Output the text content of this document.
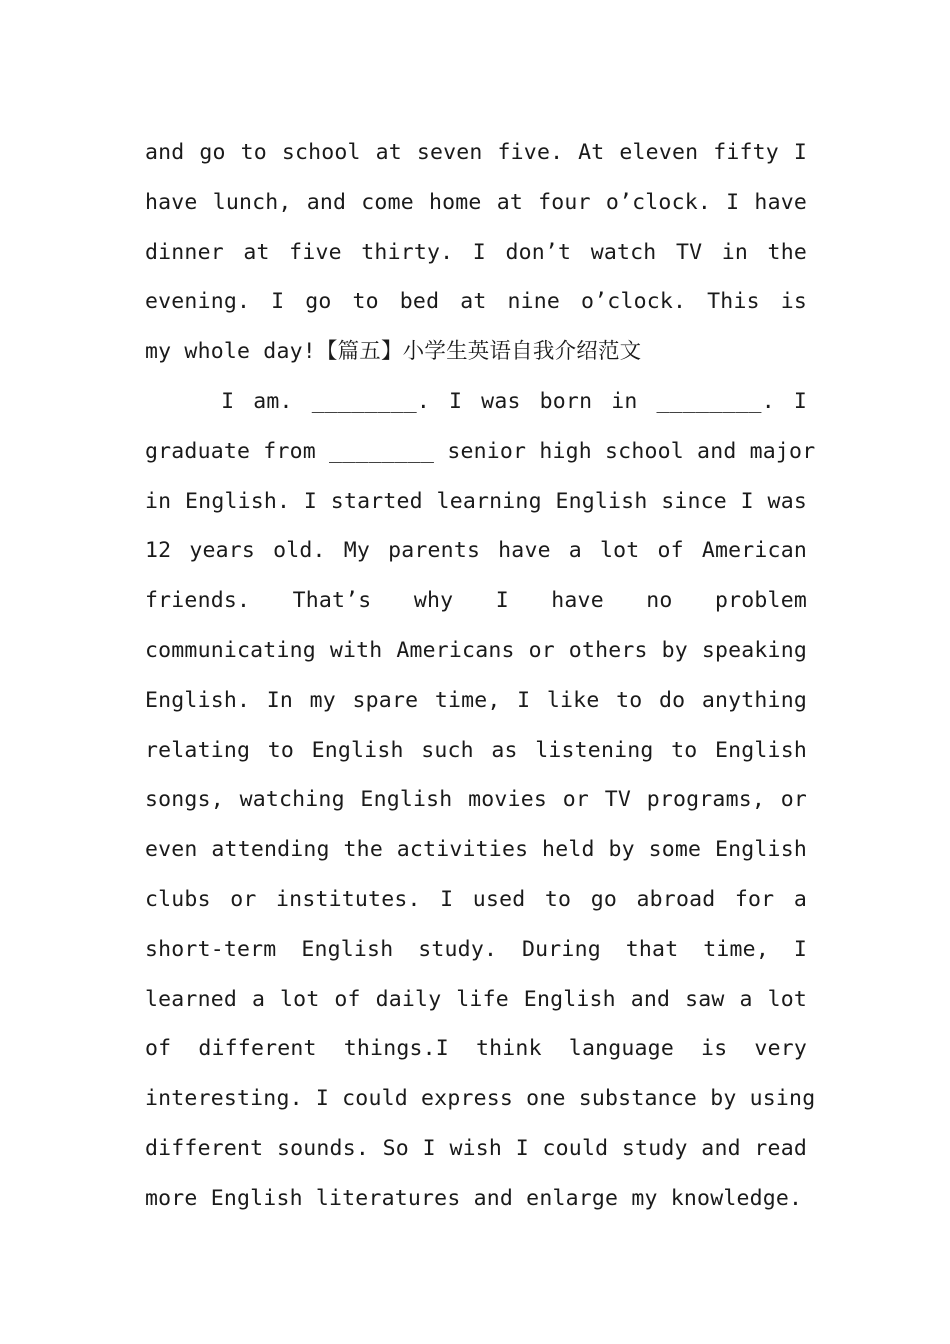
and go to school at seven five. At eleven fifty I
have lunch, and come home at four o’clock. I have
dinner at five thirty. I don’t watch TV in the
evening. I go to bed at nine o’clock. This is
my whole day!【篇五】小学生英语自我介绍范文

I am. ________. I was born in ________. I
graduate from ________ senior high school and major
in English. I started learning English since I was
12 years old. My parents have a lot of American
friends. That’s why I have no problem
communicating with Americans or others by speaking
English. In my spare time, I like to do anything
relating to English such as listening to English
songs, watching English movies or TV programs, or
even attending the activities held by some English
clubs or institutes. I used to go abroad for a
short-term English study. During that time, I
learned a lot of daily life English and saw a lot
of different things.I think language is very
interesting. I could express one substance by using
different sounds. So I wish I could study and read
more English literatures and enlarge my knowledge.
